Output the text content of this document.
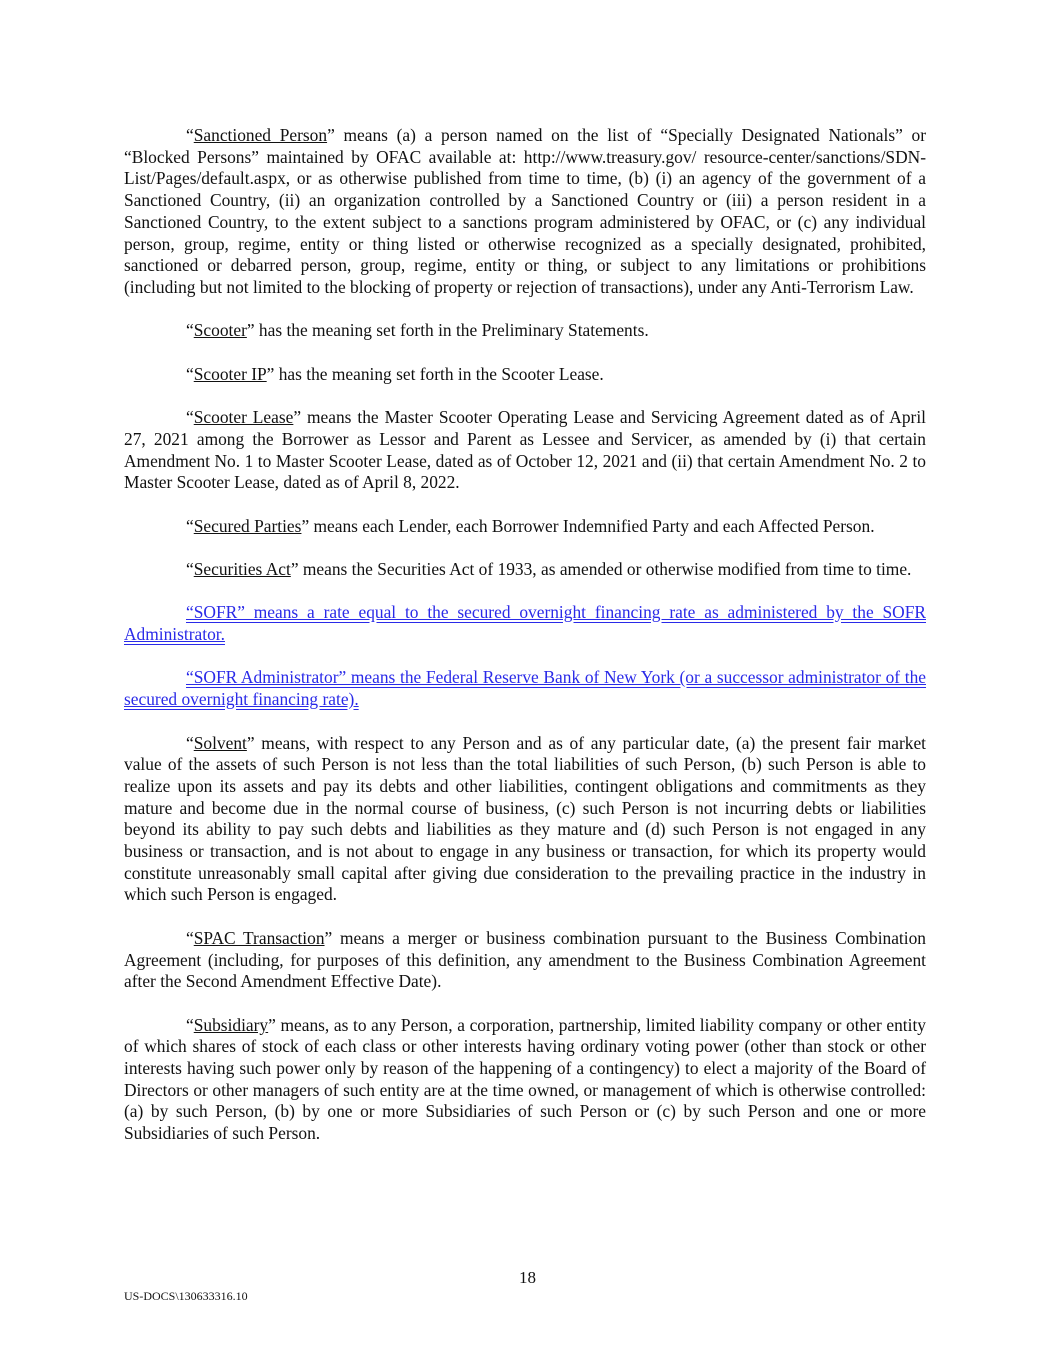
“Sanctioned Person” means (a) a person named on the list of “Specially Designated Nationals” or “Blocked Persons” maintained by OFAC available at: http://www.treasury.gov/ resource-center/sanctions/SDN-List/Pages/default.aspx, or as otherwise published from time to time, (b) (i) an agency of the government of a Sanctioned Country, (ii) an organization controlled by a Sanctioned Country or (iii) a person resident in a Sanctioned Country, to the extent subject to a sanctions program administered by OFAC, or (c) any individual person, group, regime, entity or thing listed or otherwise recognized as a specially designated, prohibited, sanctioned or debarred person, group, regime, entity or thing, or subject to any limitations or prohibitions (including but not limited to the blocking of property or rejection of transactions), under any Anti-Terrorism Law.

“Scooter” has the meaning set forth in the Preliminary Statements.

“Scooter IP” has the meaning set forth in the Scooter Lease.

“Scooter Lease” means the Master Scooter Operating Lease and Servicing Agreement dated as of April 27, 2021 among the Borrower as Lessor and Parent as Lessee and Servicer, as amended by (i) that certain Amendment No. 1 to Master Scooter Lease, dated as of October 12, 2021 and (ii) that certain Amendment No. 2 to Master Scooter Lease, dated as of April 8, 2022.

“Secured Parties” means each Lender, each Borrower Indemnified Party and each Affected Person.

“Securities Act” means the Securities Act of 1933, as amended or otherwise modified from time to time.

“SOFR” means a rate equal to the secured overnight financing rate as administered by the SOFR Administrator.

“SOFR Administrator” means the Federal Reserve Bank of New York (or a successor administrator of the secured overnight financing rate).

“Solvent” means, with respect to any Person and as of any particular date, (a) the present fair market value of the assets of such Person is not less than the total liabilities of such Person, (b) such Person is able to realize upon its assets and pay its debts and other liabilities, contingent obligations and commitments as they mature and become due in the normal course of business, (c) such Person is not incurring debts or liabilities beyond its ability to pay such debts and liabilities as they mature and (d) such Person is not engaged in any business or transaction, and is not about to engage in any business or transaction, for which its property would constitute unreasonably small capital after giving due consideration to the prevailing practice in the industry in which such Person is engaged.

“SPAC Transaction” means a merger or business combination pursuant to the Business Combination Agreement (including, for purposes of this definition, any amendment to the Business Combination Agreement after the Second Amendment Effective Date).

“Subsidiary” means, as to any Person, a corporation, partnership, limited liability company or other entity of which shares of stock of each class or other interests having ordinary voting power (other than stock or other interests having such power only by reason of the happening of a contingency) to elect a majority of the Board of Directors or other managers of such entity are at the time owned, or management of which is otherwise controlled: (a) by such Person, (b) by one or more Subsidiaries of such Person or (c) by such Person and one or more Subsidiaries of such Person.

18
US-DOCS\130633316.10
